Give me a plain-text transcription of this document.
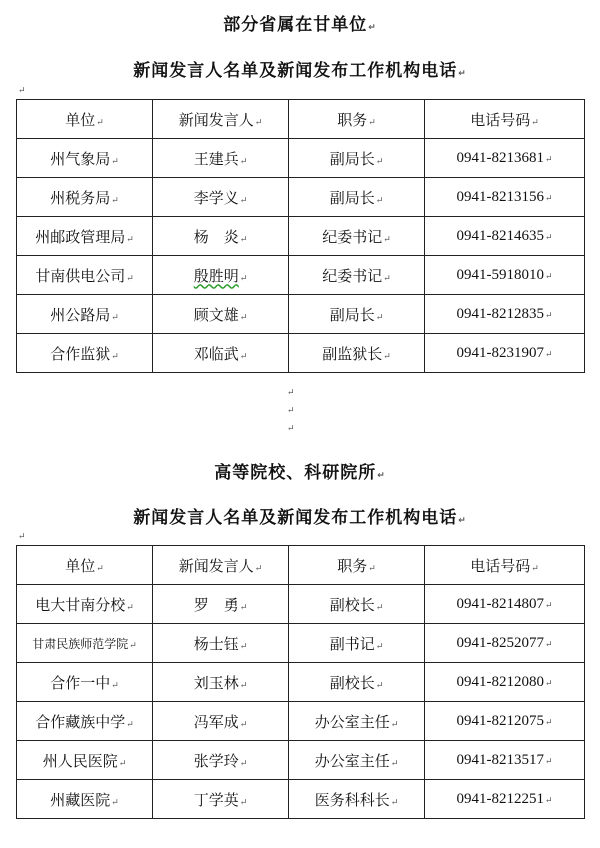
部分省属在甘单位↵
新闻发言人名单及新闻发布工作机构电话↵
↵
单位↵	新闻发言人↵	职务↵	电话号码↵
州气象局↵	王建兵↵	副局长↵	0941-8213681↵
州税务局↵	李学义↵	副局长↵	0941-8213156↵
州邮政管理局↵	杨　炎↵	纪委书记↵	0941-8214635↵
甘南供电公司↵	殷胜明↵	纪委书记↵	0941-5918010↵
州公路局↵	顾文雄↵	副局长↵	0941-8212835↵
合作监狱↵	邓临武↵	副监狱长↵	0941-8231907↵
↵
↵
↵
高等院校、科研院所↵
新闻发言人名单及新闻发布工作机构电话↵
↵
单位↵	新闻发言人↵	职务↵	电话号码↵
电大甘南分校↵	罗　勇↵	副校长↵	0941-8214807↵
甘肃民族师范学院↵	杨士钰↵	副书记↵	0941-8252077↵
合作一中↵	刘玉林↵	副校长↵	0941-8212080↵
合作藏族中学↵	冯军成↵	办公室主任↵	0941-8212075↵
州人民医院↵	张学玲↵	办公室主任↵	0941-8213517↵
州藏医院↵	丁学英↵	医务科科长↵	0941-8212251↵
